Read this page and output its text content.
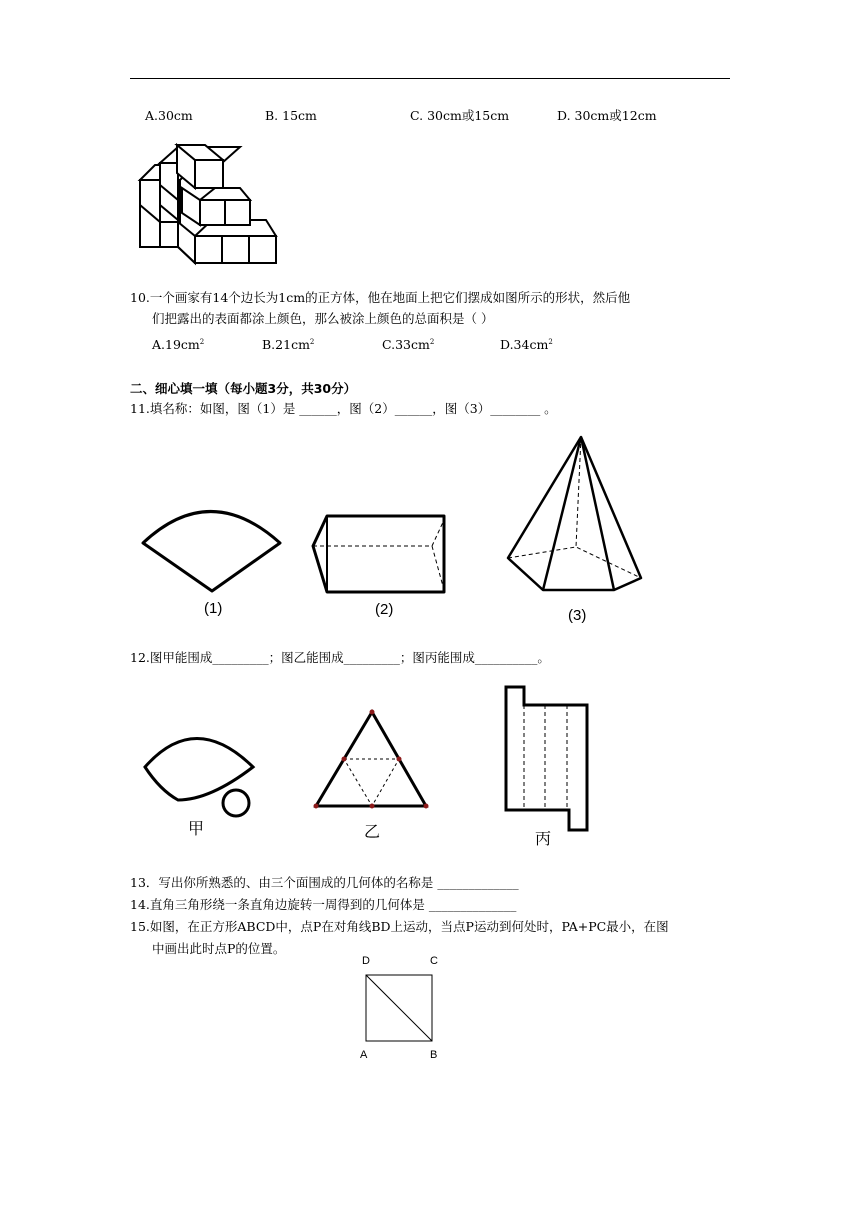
A.30cm	B. 15cm	C. 30cm或15cm	D. 30cm或12cm
10.一个画家有14个边长为1cm的正方体，他在地面上把它们摆成如图所示的形状，然后他
们把露出的表面都涂上颜色，那么被涂上颜色的总面积是（ ）
$A.19cm^2$	$B.21cm^2$	$C.33cm^2$	$D.34cm^2$
二、细心填一填（每小题3分，共30分）
11.填名称：如图，图（1）是 ______，图（2）______，图（3）________ 。
(1)	(2)	(3)
12.图甲能围成_________；图乙能围成_________；图丙能围成__________。
甲	乙	丙
13．写出你所熟悉的、由三个面围成的几何体的名称是 _____________
14.直角三角形绕一条直角边旋转一周得到的几何体是 ______________
15.如图，在正方形ABCD中，点P在对角线BD上运动，当点P运动到何处时，PA+PC最小，在图
中画出此时点P的位置。
D	C
A	B
